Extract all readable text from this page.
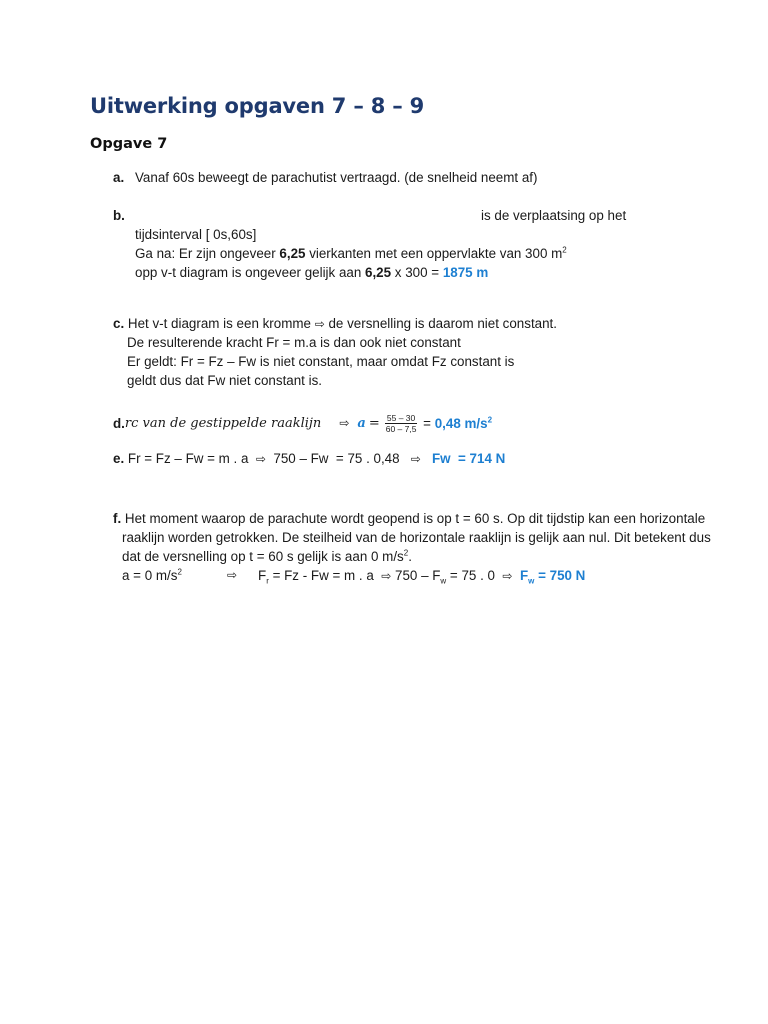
Uitwerking opgaven 7 – 8 – 9
Opgave 7
a. Vanaf 60s beweegt de parachutist vertraagd. (de snelheid neemt af)
b.	is de verplaatsing op het
tijdsinterval [ 0s,60s]
Ga na: Er zijn ongeveer 6,25 vierkanten met een oppervlakte van 300 $m^2$
opp v-t diagram is ongeveer gelijk aan 6,25 x 300 = 1875 m
c. Het v-t diagram is een kromme ⇨ de versnelling is daarom niet constant.
De resulterende kracht Fr = m.a is dan ook niet constant
Er geldt: Fr = Fz – Fw is niet constant, maar omdat Fz constant is
geldt dus dat Fw niet constant is.
d. rc van de gestippelde raaklijn ⇨ $a = \frac{55 - 30}{60 - 7,5} = 0,48$ $m/s^2$
e. Fr = Fz – Fw = m . a  ⇨  750 – Fw  = 75 . 0,48   ⇨ Fw  = 714 N
f. Het moment waarop de parachute wordt geopend is op t = 60 s. Op dit tijdstip kan een horizontale
raaklijn worden getrokken. De steilheid van de horizontale raaklijn is gelijk aan nul. Dit betekent dus
dat de versnelling op t = 60 s gelijk is aan 0 $m/s^2$.
a = 0 $m/s^2$	⇨ $F_r = Fz - Fw = m$ . a  ⇨ $750 - F_w = 75$ . 0  ⇨ $F_w = 750$ N
